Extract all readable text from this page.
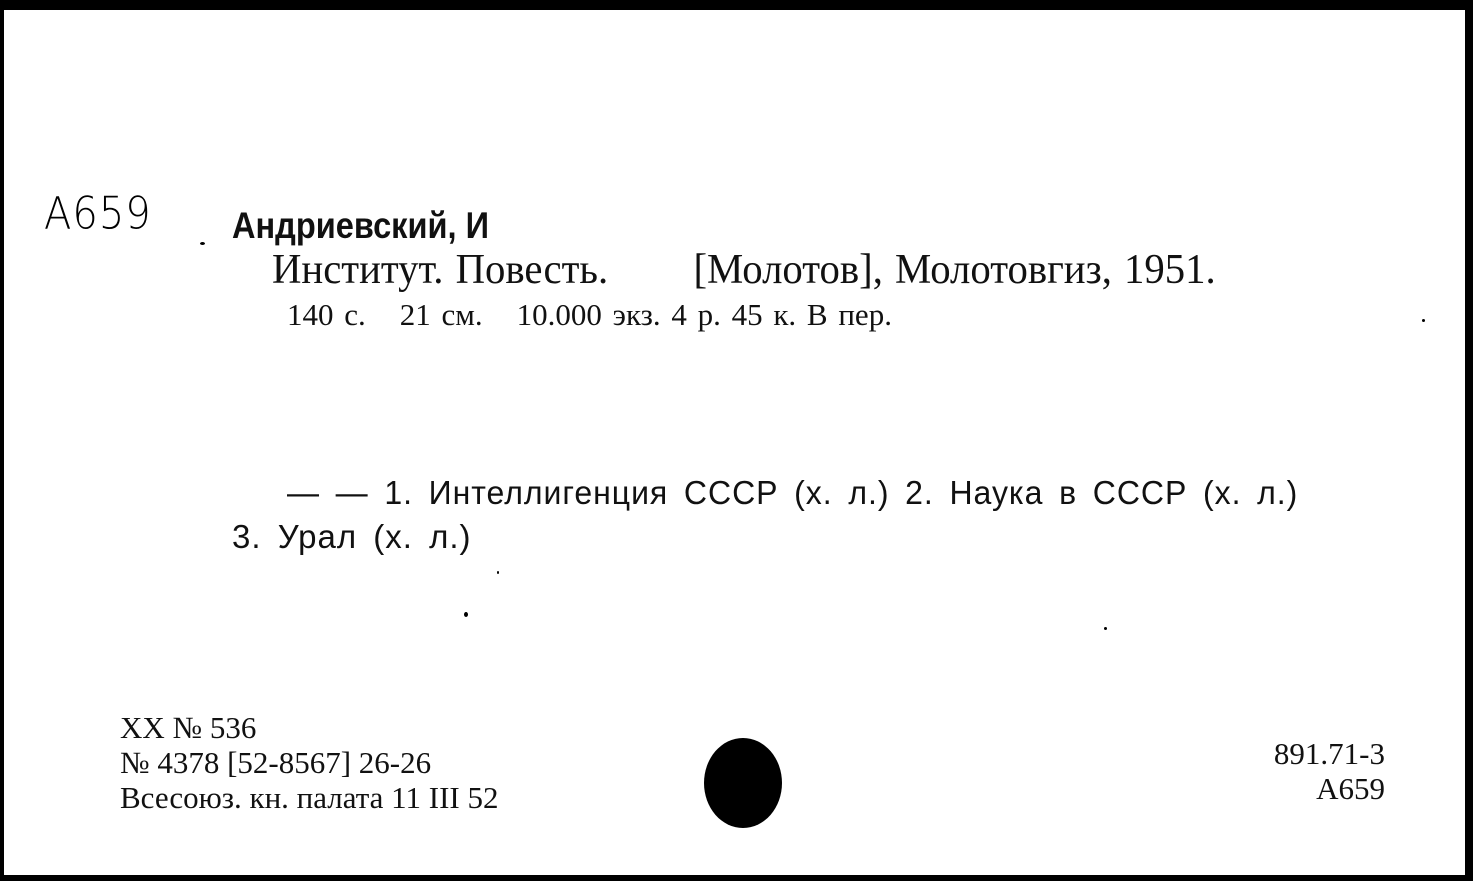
A659 Андриевский, И
Институт. Повесть. [Молотов], Молотовгиз, 1951.
140 с. 21 см. 10.000 экз. 4 р. 45 к. В пер.
— — 1. Интеллигенция СССР (х. л.) 2. Наука в СССР (х. л.)
3. Урал (х. л.)
XX № 536
№ 4378 [52-8567] 26-26
Всесоюз. кн. палата 11 III 52
891.71-3
A659
